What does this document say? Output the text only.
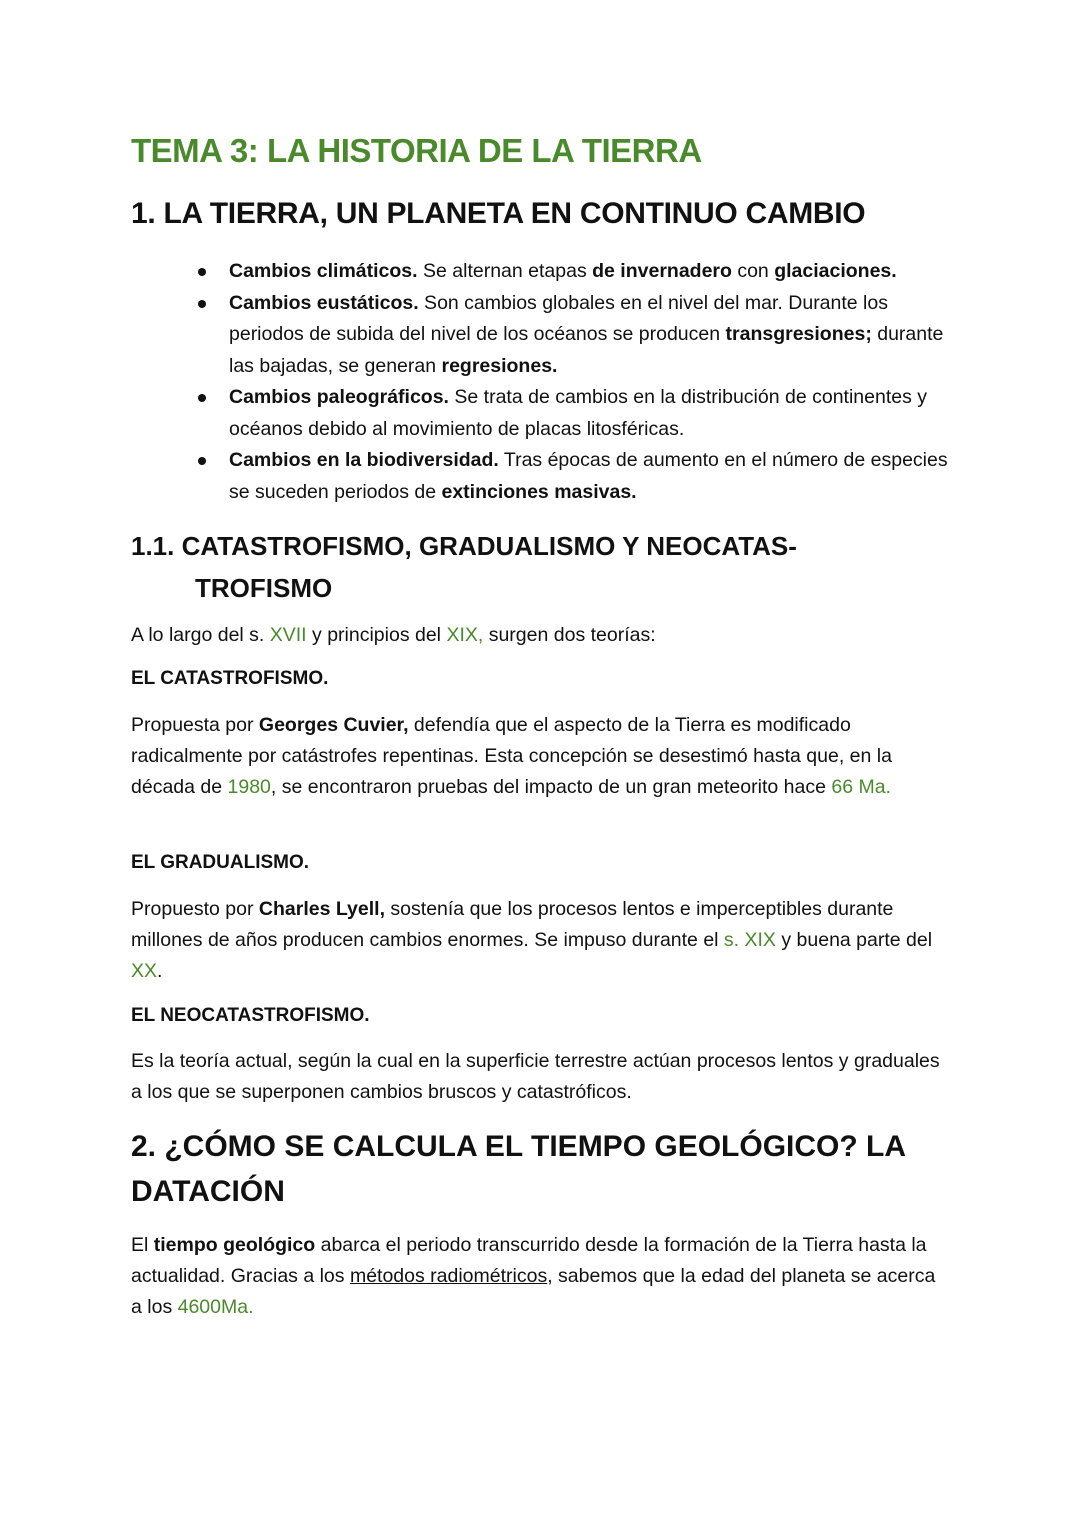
TEMA 3: LA HISTORIA DE LA TIERRA
1. LA TIERRA, UN PLANETA EN CONTINUO CAMBIO
Cambios climáticos. Se alternan etapas de invernadero con glaciaciones.
Cambios eustáticos. Son cambios globales en el nivel del mar. Durante los periodos de subida del nivel de los océanos se producen transgresiones; durante las bajadas, se generan regresiones.
Cambios paleográficos. Se trata de cambios en la distribución de continentes y océanos debido al movimiento de placas litosféricas.
Cambios en la biodiversidad. Tras épocas de aumento en el número de especies se suceden periodos de extinciones masivas.
1.1. CATASTROFISMO, GRADUALISMO Y NEOCATAS-
TROFISMO

A lo largo del s. XVII y principios del XIX, surgen dos teorías:

EL CATASTROFISMO.

Propuesta por Georges Cuvier, defendía que el aspecto de la Tierra es modificado radicalmente por catástrofes repentinas. Esta concepción se desestimó hasta que, en la década de 1980, se encontraron pruebas del impacto de un gran meteorito hace 66 Ma.

EL GRADUALISMO.

Propuesto por Charles Lyell, sostenía que los procesos lentos e imperceptibles durante millones de años producen cambios enormes. Se impuso durante el s. XIX y buena parte del XX.

EL NEOCATASTROFISMO.

Es la teoría actual, según la cual en la superficie terrestre actúan procesos lentos y graduales a los que se superponen cambios bruscos y catastróficos.

2. ¿CÓMO SE CALCULA EL TIEMPO GEOLÓGICO? LA DATACIÓN

El tiempo geológico abarca el periodo transcurrido desde la formación de la Tierra hasta la actualidad. Gracias a los métodos radiométricos, sabemos que la edad del planeta se acerca a los 4600Ma.
